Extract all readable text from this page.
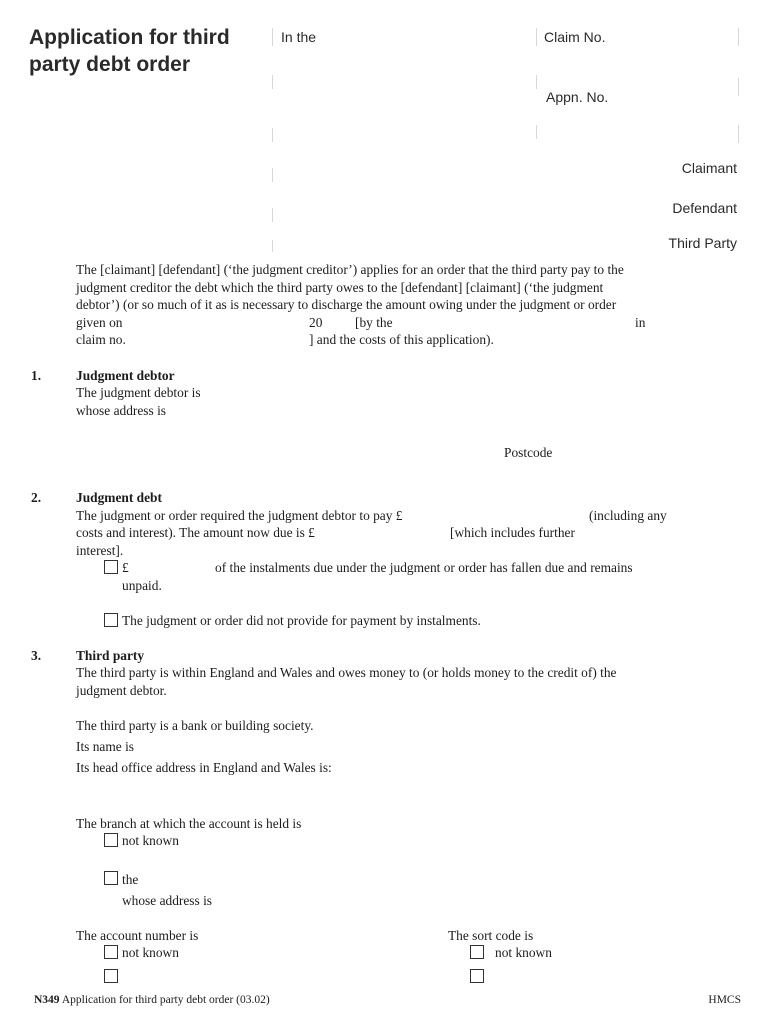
Application for third
party debt order
In the	Claim No.
Appn. No.
Claimant
Defendant
Third Party
The [claimant] [defendant] (‘the judgment creditor’) applies for an order that the third party pay to the
judgment creditor the debt which the third party owes to the [defendant] [claimant] (‘the judgment
debtor’) (or so much of it as is necessary to discharge the amount owing under the judgment or order
given on	20 [by the	in
claim no.	] and the costs of this application).
1.	Judgment debtor
The judgment debtor is
whose address is
Postcode
2.	Judgment debt
The judgment or order required the judgment debtor to pay £	(including any
costs and interest). The amount now due is £	[which includes further
interest].
£	of the instalments due under the judgment or order has fallen due and remains
unpaid.
The judgment or order did not provide for payment by instalments.
3.	Third party
The third party is within England and Wales and owes money to (or holds money to the credit of) the
judgment debtor.
The third party is a bank or building society.
Its name is
Its head office address in England and Wales is:
The branch at which the account is held is
not known
the
whose address is
The account number is
not known
The sort code is
not known
N349 Application for third party debt order (03.02)	HMCS
